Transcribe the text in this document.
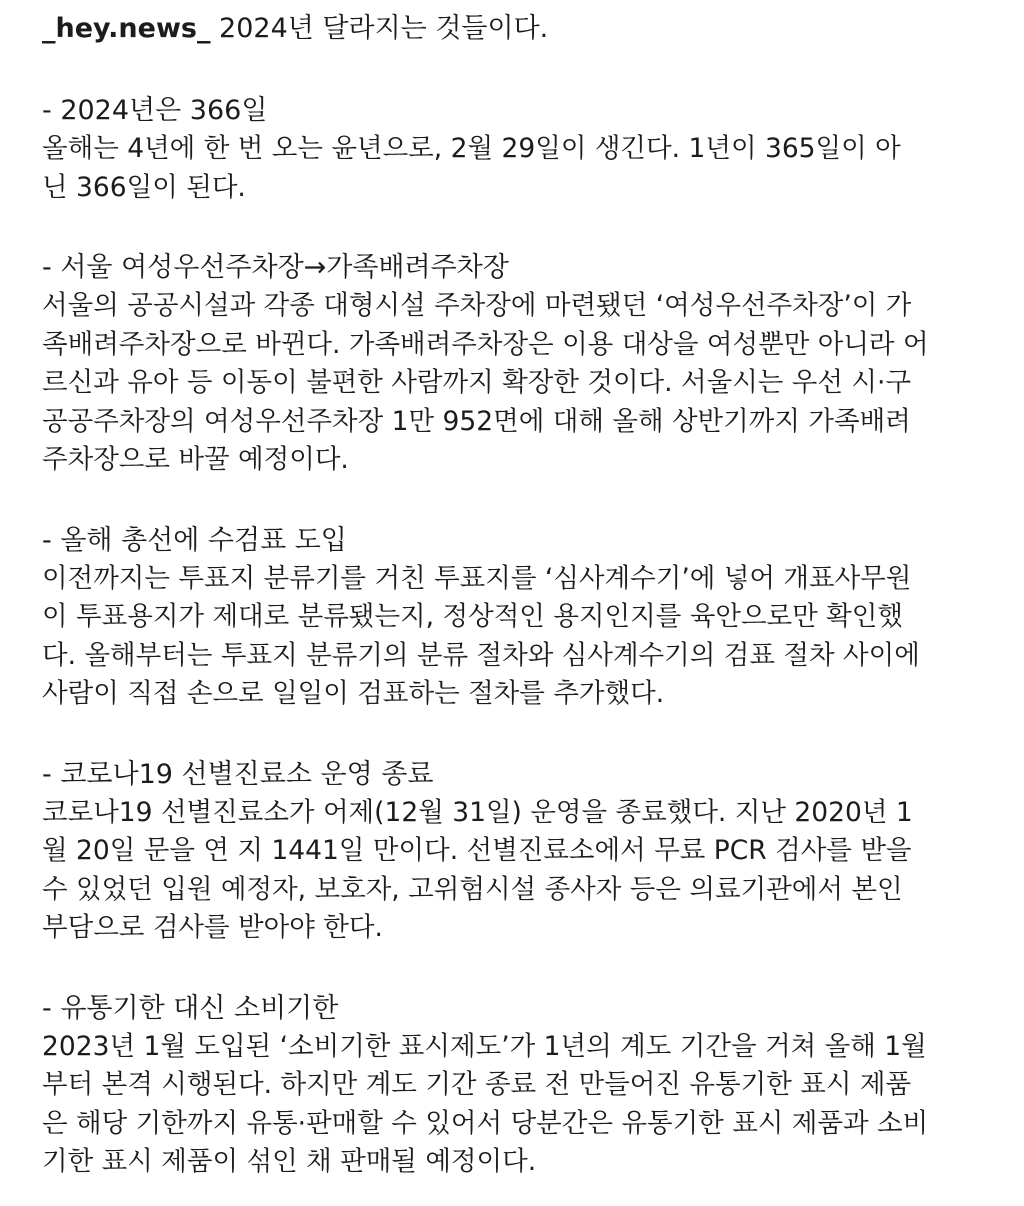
_hey.news_ 2024년 달라지는 것들이다.

- 2024년은 366일

올해는 4년에 한 번 오는 윤년으로, 2월 29일이 생긴다. 1년이 365일이 아
닌 366일이 된다.

- 서울 여성우선주차장→가족배려주차장

서울의 공공시설과 각종 대형시설 주차장에 마련됐던 ‘여성우선주차장’이 가
족배려주차장으로 바뀐다. 가족배려주차장은 이용 대상을 여성뿐만 아니라 어
르신과 유아 등 이동이 불편한 사람까지 확장한 것이다. 서울시는 우선 시·구
공공주차장의 여성우선주차장 1만 952면에 대해 올해 상반기까지 가족배려
주차장으로 바꿀 예정이다.

- 올해 총선에 수검표 도입

이전까지는 투표지 분류기를 거친 투표지를 ‘심사계수기’에 넣어 개표사무원
이 투표용지가 제대로 분류됐는지, 정상적인 용지인지를 육안으로만 확인했
다. 올해부터는 투표지 분류기의 분류 절차와 심사계수기의 검표 절차 사이에
사람이 직접 손으로 일일이 검표하는 절차를 추가했다.

- 코로나19 선별진료소 운영 종료

코로나19 선별진료소가 어제(12월 31일) 운영을 종료했다. 지난 2020년 1
월 20일 문을 연 지 1441일 만이다. 선별진료소에서 무료 PCR 검사를 받을
수 있었던 입원 예정자, 보호자, 고위험시설 종사자 등은 의료기관에서 본인
부담으로 검사를 받아야 한다.

- 유통기한 대신 소비기한

2023년 1월 도입된 ‘소비기한 표시제도’가 1년의 계도 기간을 거쳐 올해 1월
부터 본격 시행된다. 하지만 계도 기간 종료 전 만들어진 유통기한 표시 제품
은 해당 기한까지 유통·판매할 수 있어서 당분간은 유통기한 표시 제품과 소비
기한 표시 제품이 섞인 채 판매될 예정이다.
